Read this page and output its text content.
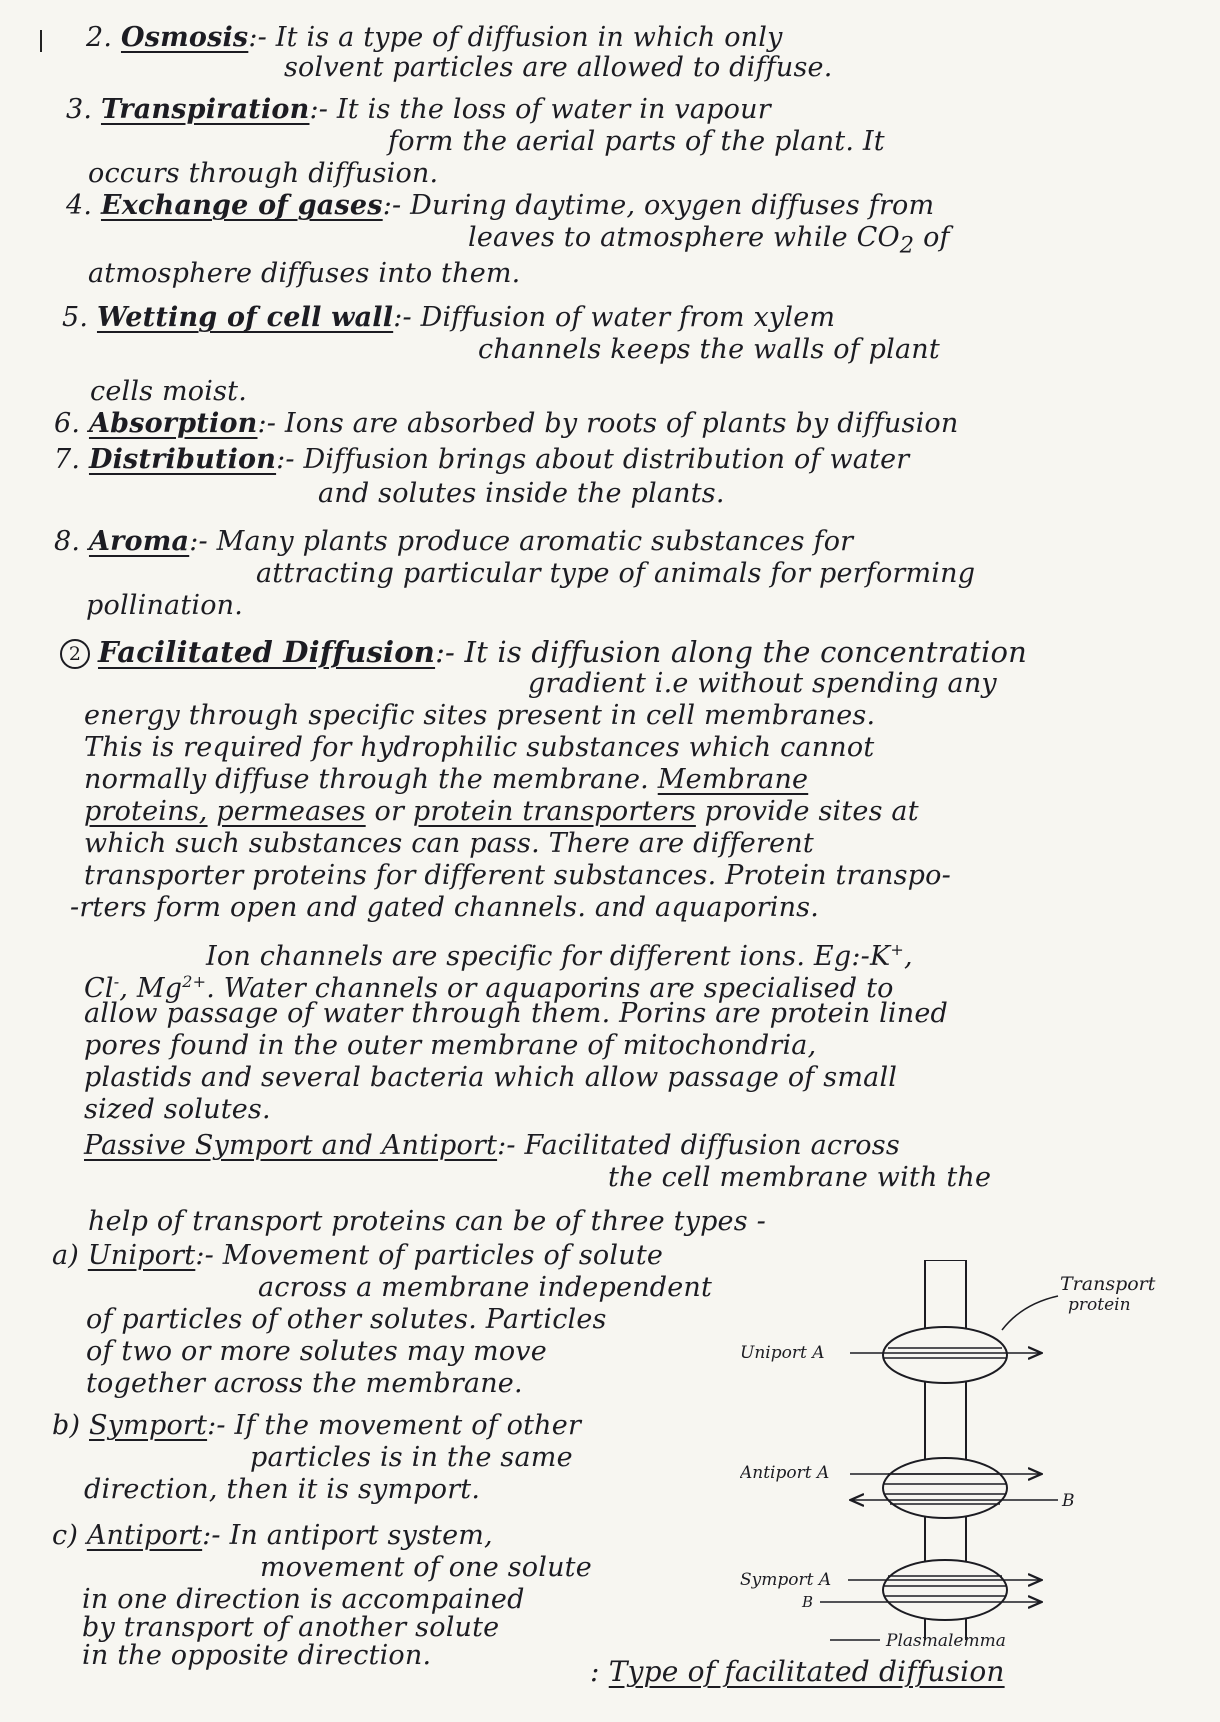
2. Osmosis:- It is a type of diffusion in which only
solvent particles are allowed to diffuse.
3. Transpiration:- It is the loss of water in vapour
form the aerial parts of the plant. It
occurs through diffusion.
4. Exchange of gases:- During daytime, oxygen diffuses from
leaves to atmosphere while $CO_2$ of
atmosphere diffuses into them.
5. Wetting of cell wall:- Diffusion of water from xylem
channels keeps the walls of plant
cells moist.
6. Absorption:- Ions are absorbed by roots of plants by diffusion
7. Distribution:- Diffusion brings about distribution of water
and solutes inside the plants.
8. Aroma:- Many plants produce aromatic substances for
attracting particular type of animals for performing
pollination.
2 Facilitated Diffusion:- It is diffusion along the concentration
gradient i.e without spending any
energy through specific sites present in cell membranes.
This is required for hydrophilic substances which cannot
normally diffuse through the membrane. Membrane
proteins, permeases or protein transporters provide sites at
which such substances can pass. There are different
transporter proteins for different substances. Protein transpo-
-rters form open and gated channels. and aquaporins.
Ion channels are specific for different ions. Eg:-K+,
Cl-, $Mg^{2+}$. Water channels or aquaporins are specialised to
allow passage of water through them. Porins are protein lined
pores found in the outer membrane of mitochondria,
plastids and several bacteria which allow passage of small
sized solutes.
Passive Symport and Antiport:- Facilitated diffusion across
the cell membrane with the
help of transport proteins can be of three types -
a) Uniport:- Movement of particles of solute
across a membrane independent
of particles of other solutes. Particles
of two or more solutes may move
together across the membrane.
b) Symport:- If the movement of other
particles is in the same
direction, then it is symport.
c) Antiport:- In antiport system,
movement of one solute
in one direction is accompained
by transport of another solute
in the opposite direction.
Transport
protein
Uniport A
Antiport A
B
Symport A
B
Plasmalemma
: Type of facilitated diffusion
